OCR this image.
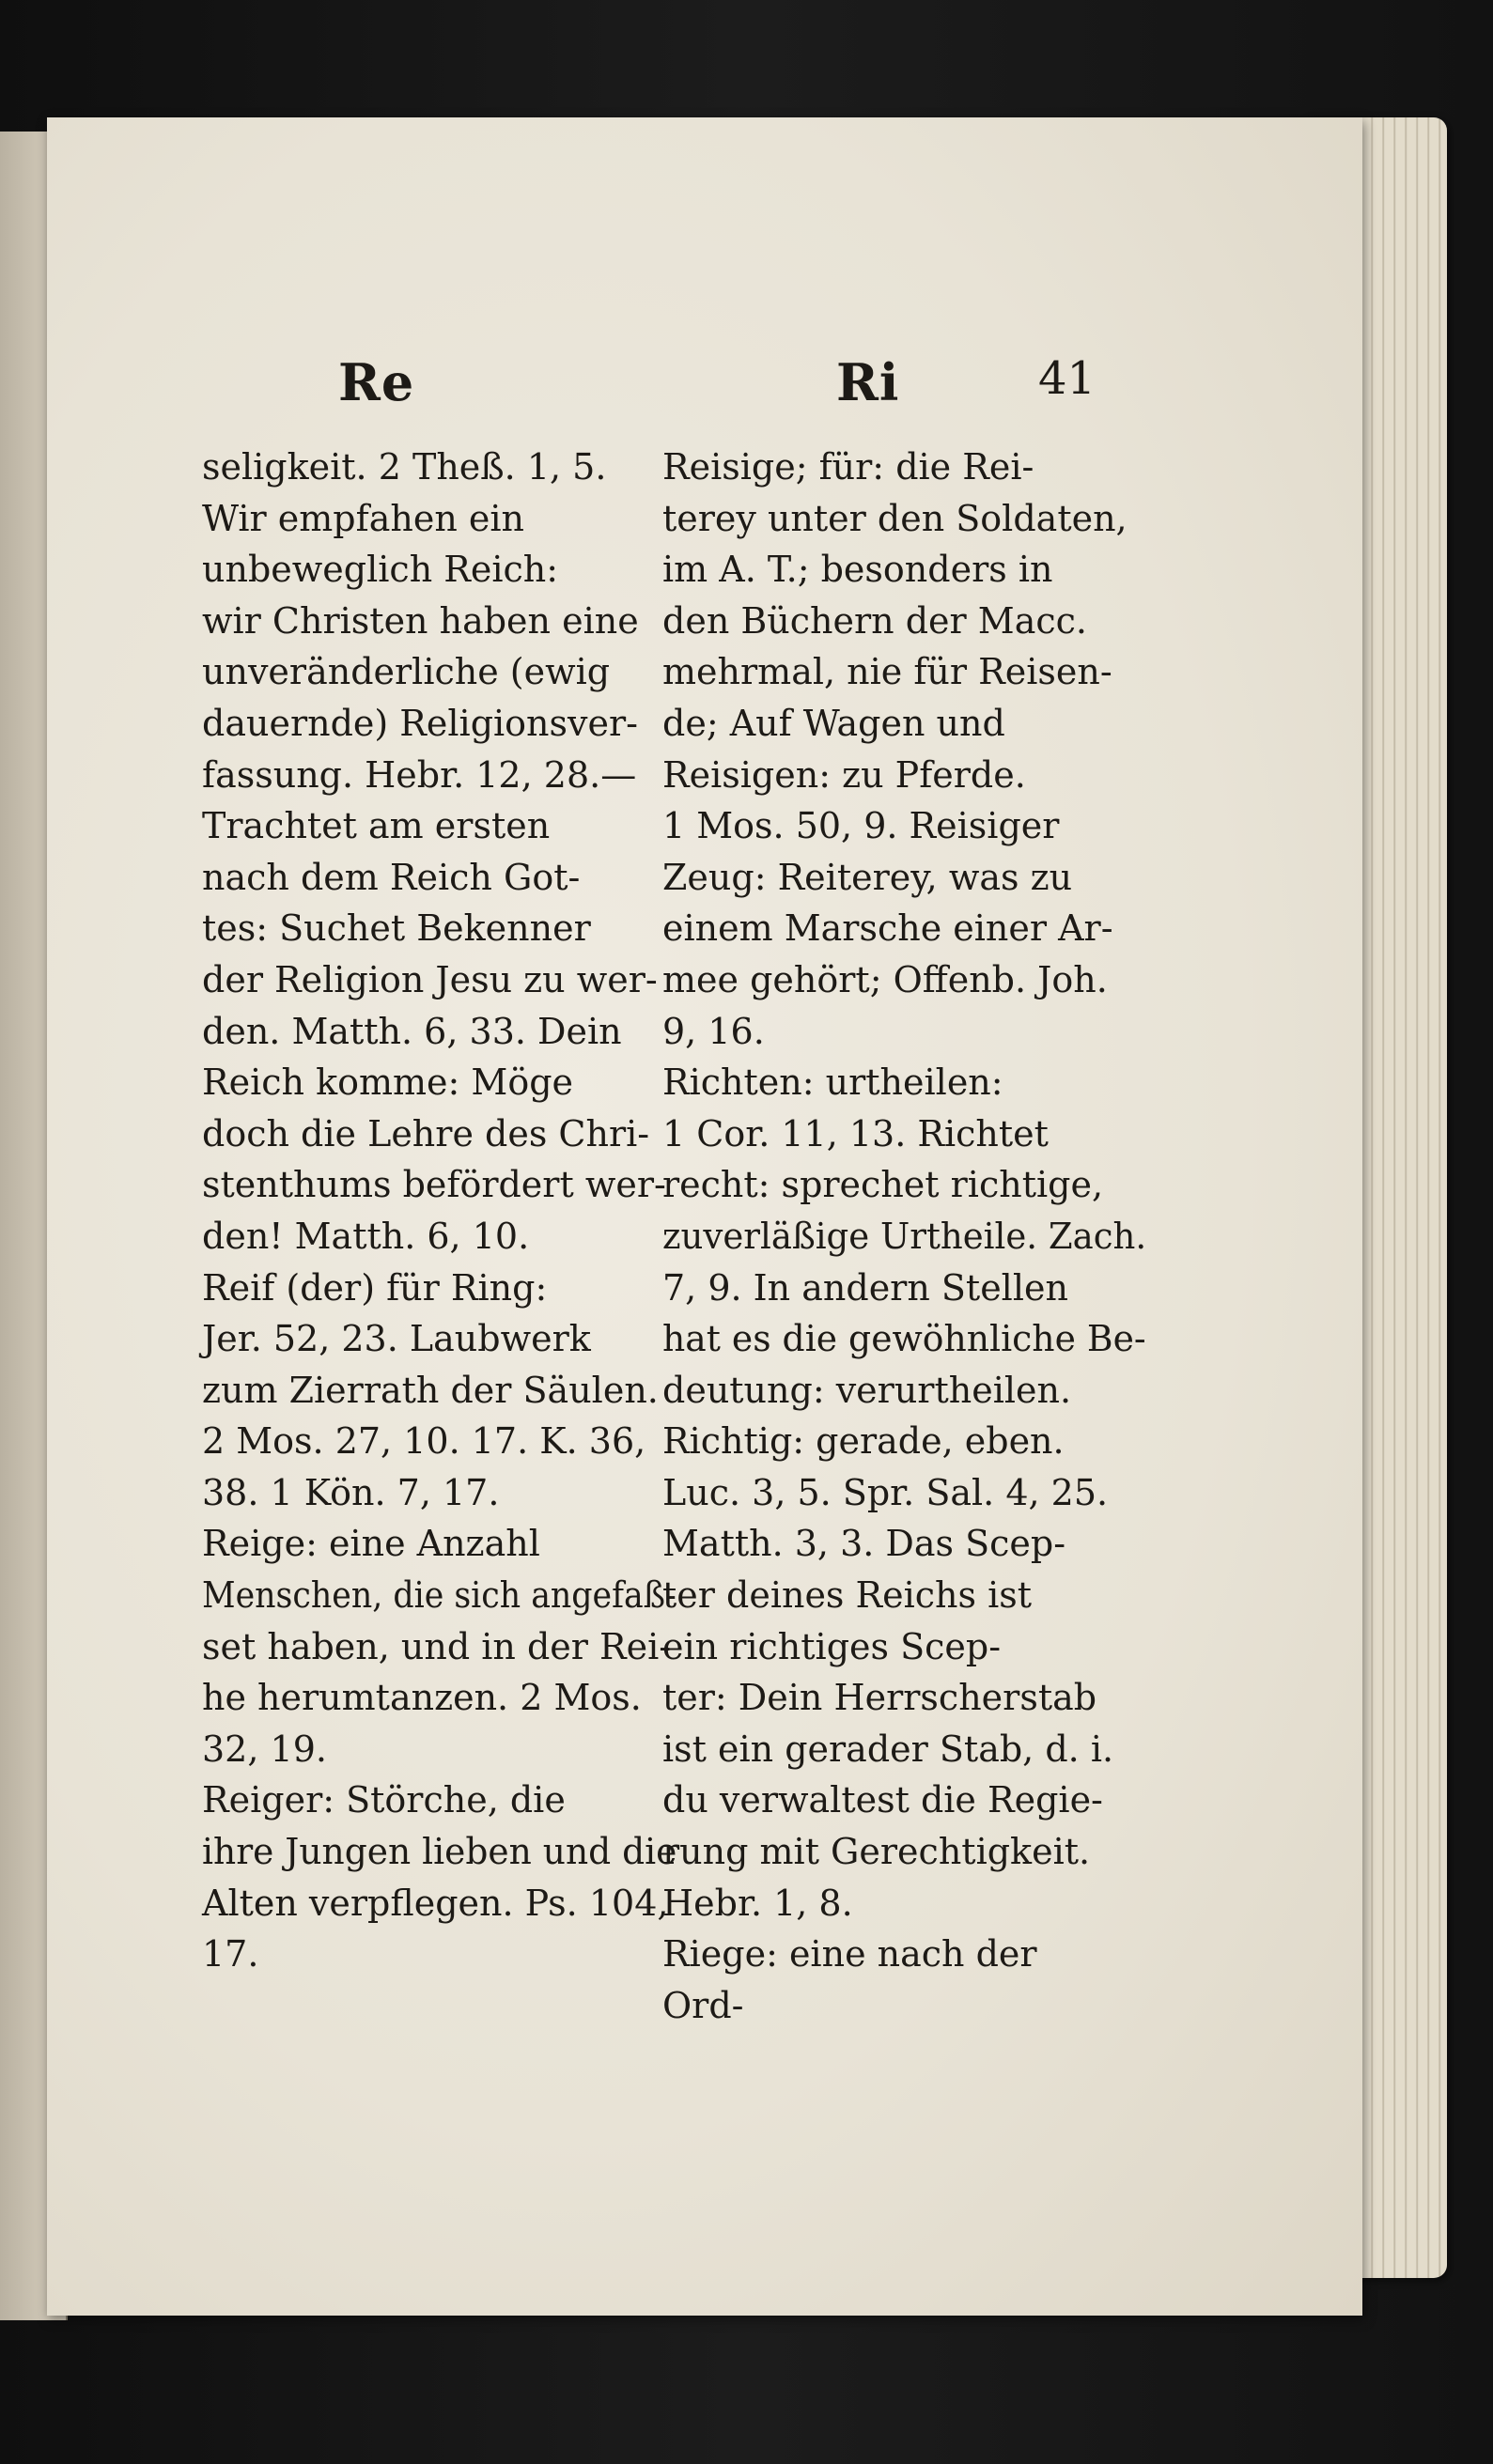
Re	Ri	41
seligkeit. 2 Theß. 1, 5.
Wir empfahen ein
unbeweglich Reich:
wir Christen haben eine
unveränderliche (ewig
dauernde) Religionsver-
fassung. Hebr. 12, 28.—
Trachtet am ersten
nach dem Reich Got-
tes: Suchet Bekenner
der Religion Jesu zu wer-
den. Matth. 6, 33. Dein
Reich komme: Möge
doch die Lehre des Chri-
stenthums befördert wer-
den! Matth. 6, 10.
Reif (der) für Ring:
Jer. 52, 23. Laubwerk
zum Zierrath der Säulen.
2 Mos. 27, 10. 17. K. 36,
38. 1 Kön. 7, 17.
Reige: eine Anzahl
Menschen, die sich angefaß-
set haben, und in der Rei-
he herumtanzen. 2 Mos.
32, 19.
Reiger: Störche, die
ihre Jungen lieben und die
Alten verpflegen. Ps. 104,
17.
Reisige; für: die Rei-
terey unter den Soldaten,
im A. T.; besonders in
den Büchern der Macc.
mehrmal, nie für Reisen-
de; Auf Wagen und
Reisigen: zu Pferde.
1 Mos. 50, 9. Reisiger
Zeug: Reiterey, was zu
einem Marsche einer Ar-
mee gehört; Offenb. Joh.
9, 16.
Richten: urtheilen:
1 Cor. 11, 13. Richtet
recht: sprechet richtige,
zuverläßige Urtheile. Zach.
7, 9. In andern Stellen
hat es die gewöhnliche Be-
deutung: verurtheilen.
Richtig: gerade, eben.
Luc. 3, 5. Spr. Sal. 4, 25.
Matth. 3, 3. Das Scep-
ter deines Reichs ist
ein richtiges Scep-
ter: Dein Herrscherstab
ist ein gerader Stab, d. i.
du verwaltest die Regie-
rung mit Gerechtigkeit.
Hebr. 1, 8.
Riege: eine nach der
Ord-
